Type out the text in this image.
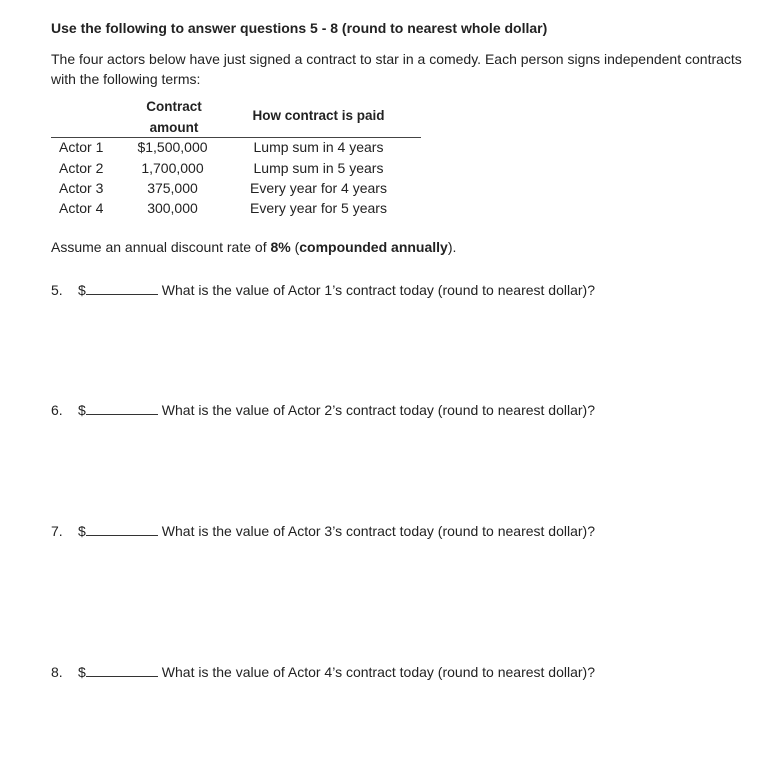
Use the following to answer questions 5 - 8 (round to nearest whole dollar)
The four actors below have just signed a contract to star in a comedy. Each person signs independent contracts with the following terms:
Contract
amount
How contract is paid
Actor 1	$1,500,000	Lump sum in 4 years
Actor 2	1,700,000	Lump sum in 5 years
Actor 3	375,000	Every year for 4 years
Actor 4	300,000	Every year for 5 years
Assume an annual discount rate of 8% (compounded annually).
5. $	What is the value of Actor 1’s contract today (round to nearest dollar)?
6. $	What is the value of Actor 2’s contract today (round to nearest dollar)?
7. $	What is the value of Actor 3’s contract today (round to nearest dollar)?
8. $	What is the value of Actor 4’s contract today (round to nearest dollar)?
